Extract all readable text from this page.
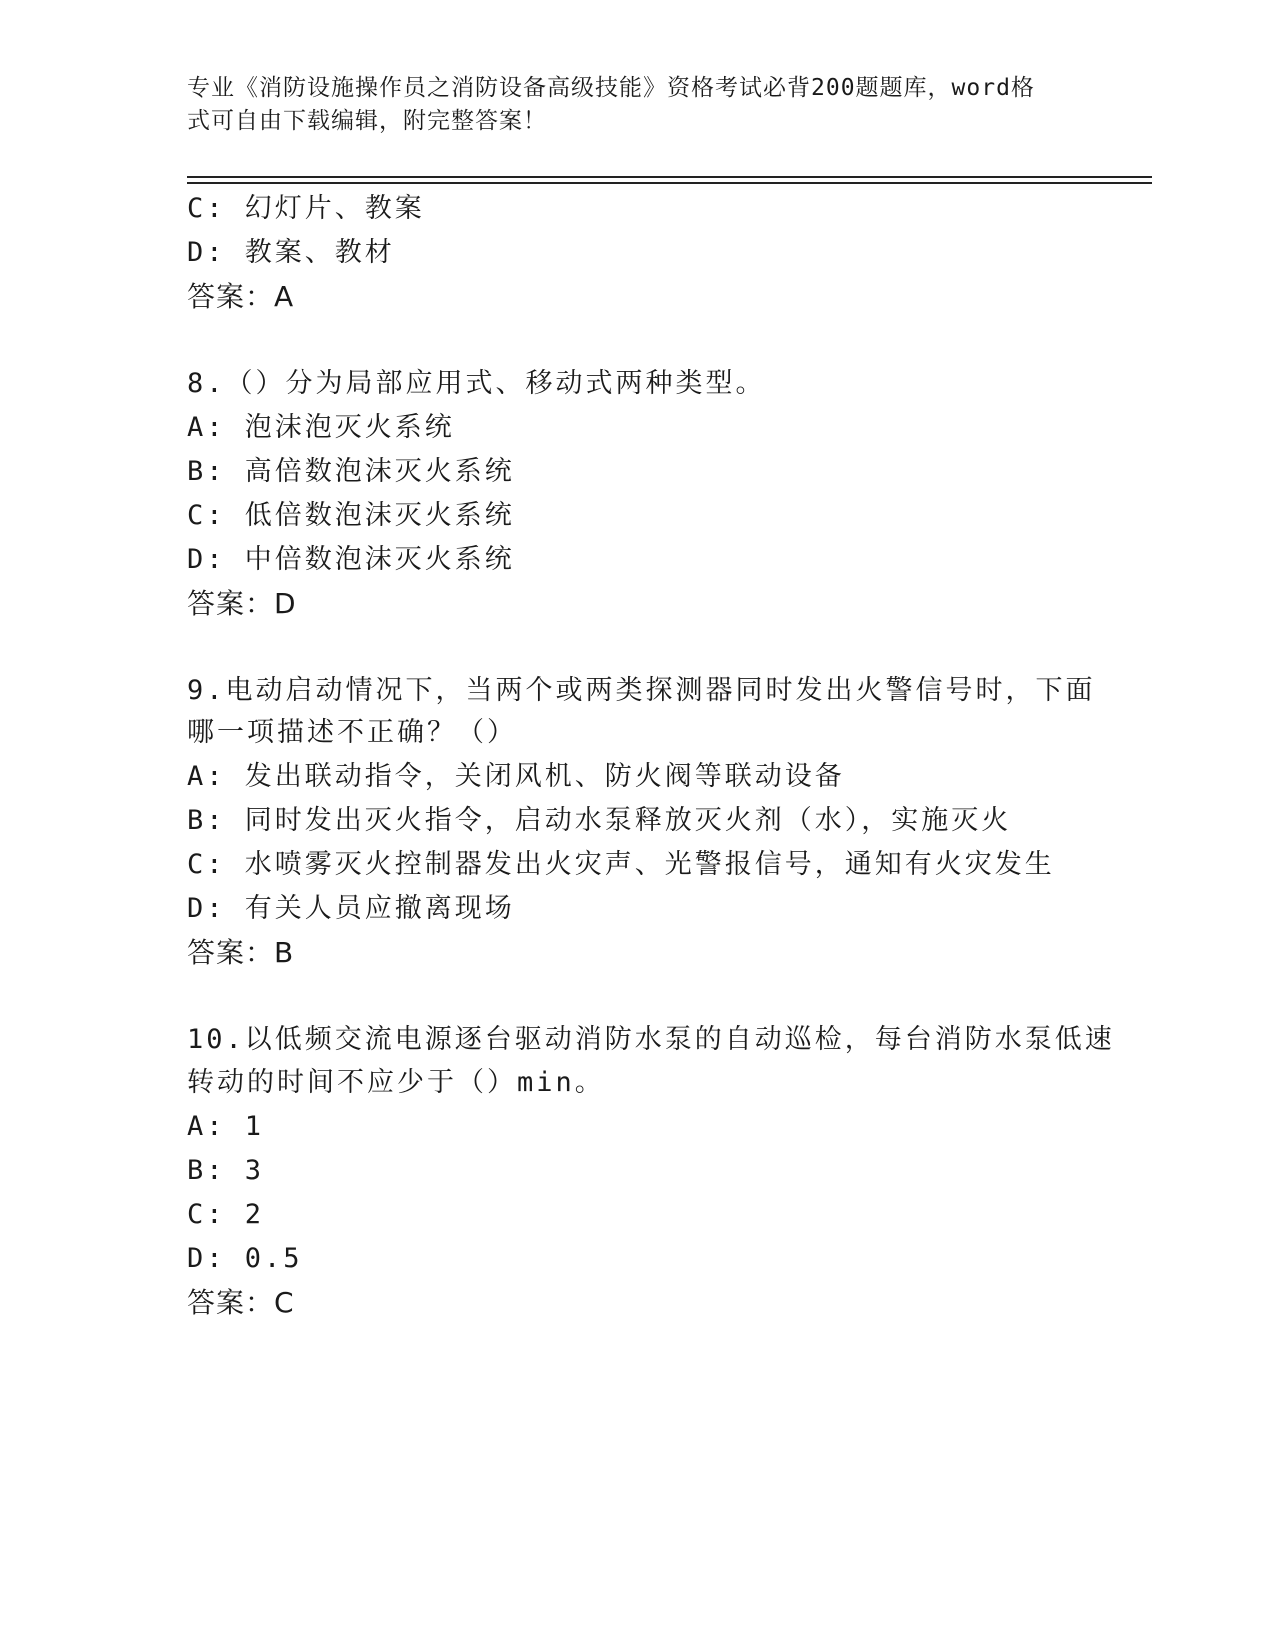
专业《消防设施操作员之消防设备高级技能》资格考试必背200题题库，word格
式可自由下载编辑，附完整答案！
C: 幻灯片、教案
D: 教案、教材
答案：A
8.（）分为局部应用式、移动式两种类型。
A: 泡沫泡灭火系统
B: 高倍数泡沫灭火系统
C: 低倍数泡沫灭火系统
D: 中倍数泡沫灭火系统
答案：D
9.电动启动情况下，当两个或两类探测器同时发出火警信号时，下面
哪一项描述不正确？（）
A: 发出联动指令，关闭风机、防火阀等联动设备
B: 同时发出灭火指令，启动水泵释放灭火剂（水），实施灭火
C: 水喷雾灭火控制器发出火灾声、光警报信号，通知有火灾发生
D: 有关人员应撤离现场
答案：B
10.以低频交流电源逐台驱动消防水泵的自动巡检，每台消防水泵低速
转动的时间不应少于（）min。
A: 1
B: 3
C: 2
D: 0.5
答案：C
